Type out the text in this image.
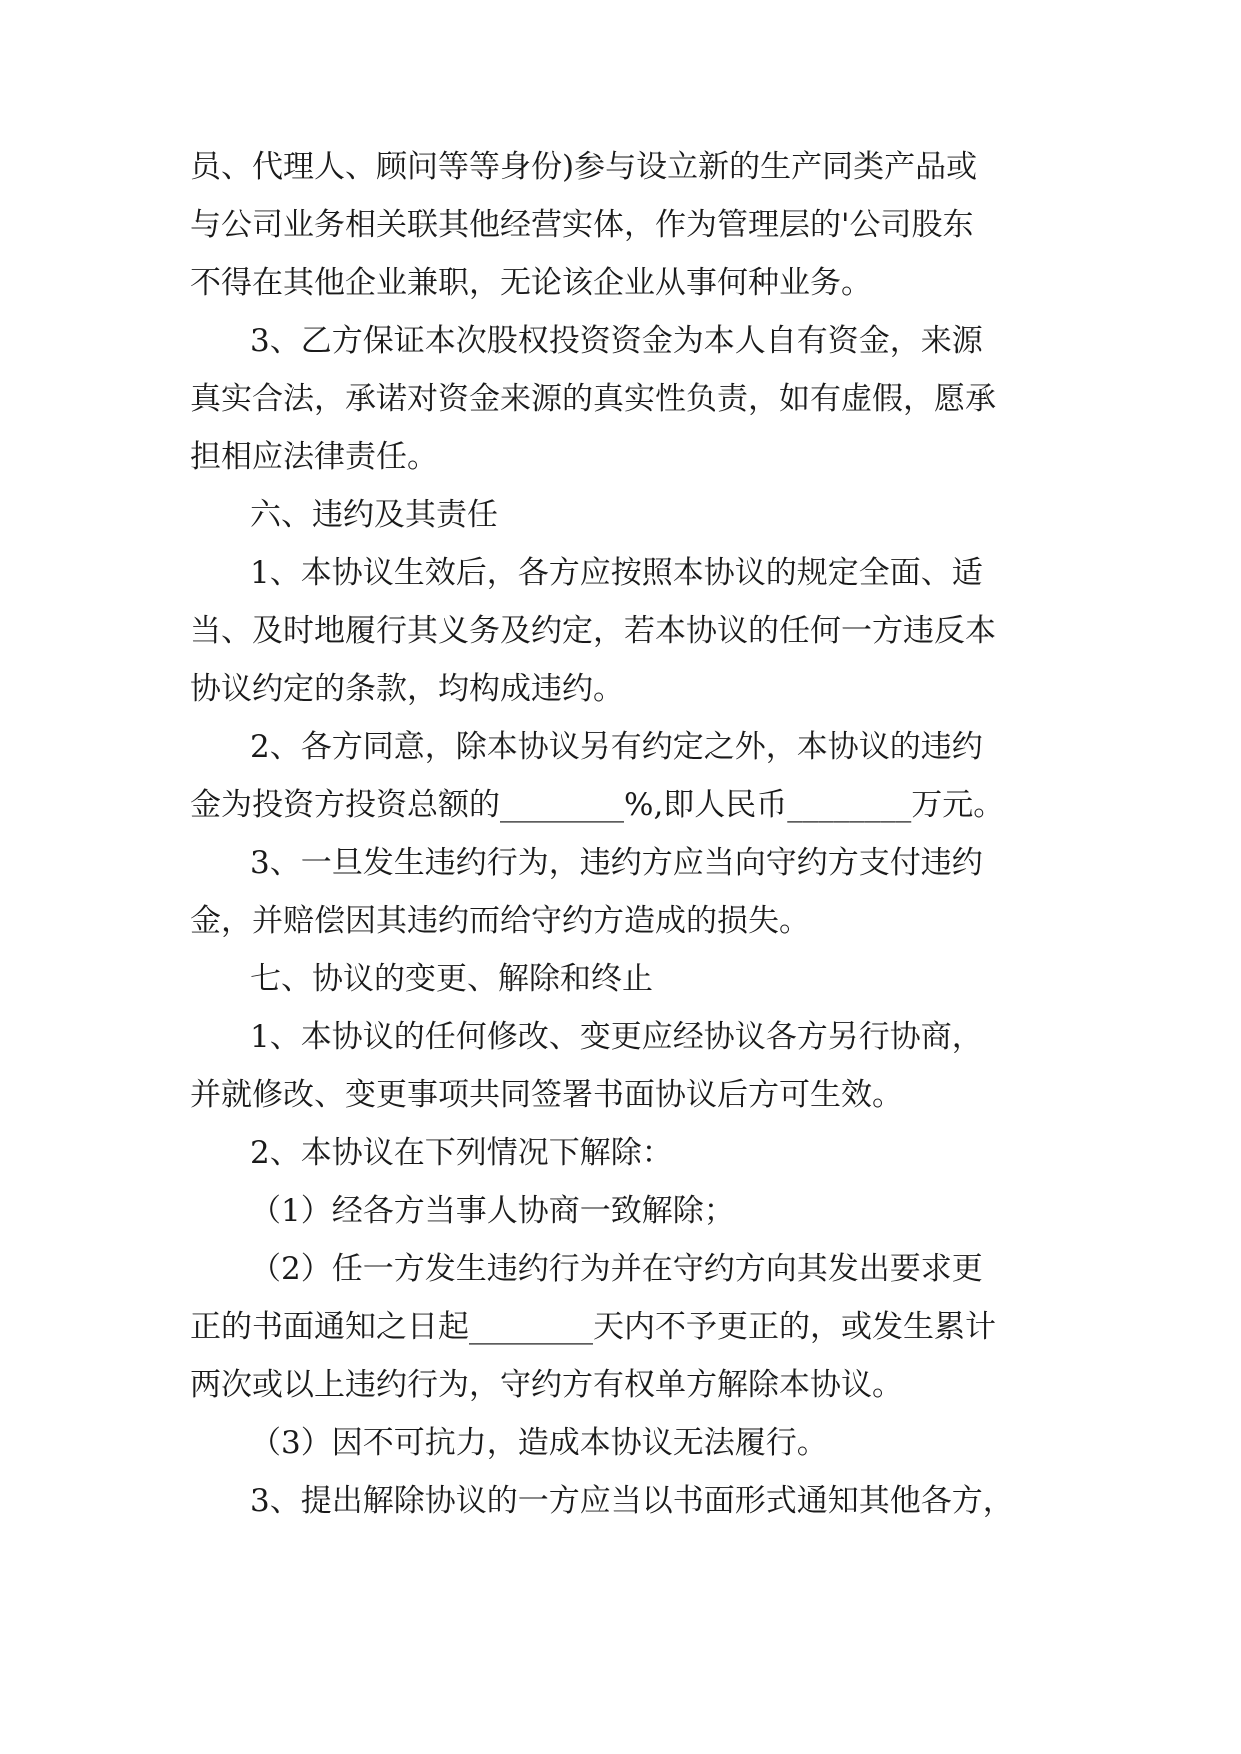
员、代理人、顾问等等身份)参与设立新的生产同类产品或
与公司业务相关联其他经营实体，作为管理层的'公司股东
不得在其他企业兼职，无论该企业从事何种业务。
3、乙方保证本次股权投资资金为本人自有资金，来源
真实合法，承诺对资金来源的真实性负责，如有虚假，愿承
担相应法律责任。
六、违约及其责任
1、本协议生效后，各方应按照本协议的规定全面、适
当、及时地履行其义务及约定，若本协议的任何一方违反本
协议约定的条款，均构成违约。
2、各方同意，除本协议另有约定之外，本协议的违约
金为投资方投资总额的________%,即人民币________万元。
3、一旦发生违约行为，违约方应当向守约方支付违约
金，并赔偿因其违约而给守约方造成的损失。
七、协议的变更、解除和终止
1、本协议的任何修改、变更应经协议各方另行协商，
并就修改、变更事项共同签署书面协议后方可生效。
2、本协议在下列情况下解除：
（1）经各方当事人协商一致解除；
（2）任一方发生违约行为并在守约方向其发出要求更
正的书面通知之日起________天内不予更正的，或发生累计
两次或以上违约行为，守约方有权单方解除本协议。
（3）因不可抗力，造成本协议无法履行。
3、提出解除协议的一方应当以书面形式通知其他各方，
